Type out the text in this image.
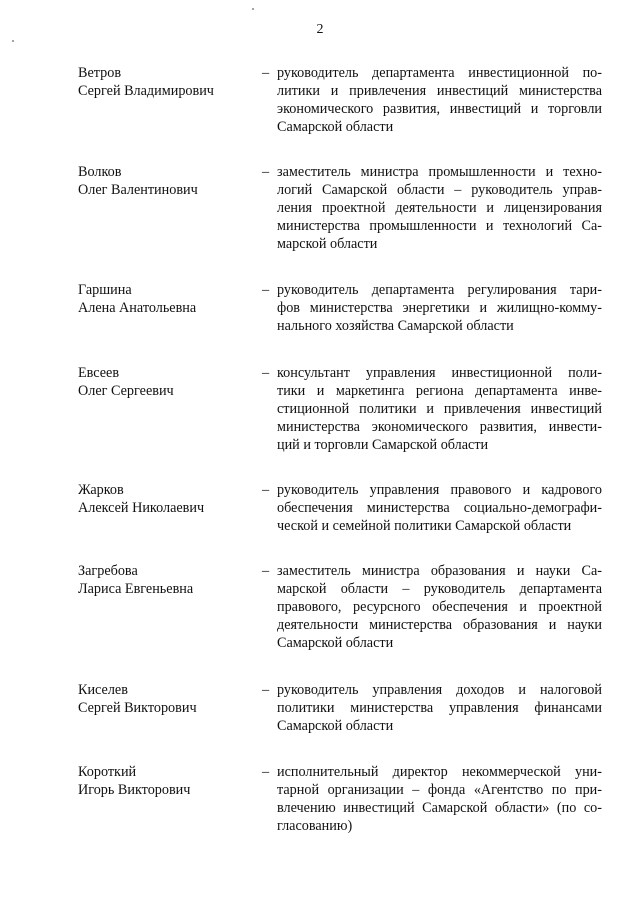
2
Ветров
Сергей Владимирович
– руководитель департамента инвестиционной по-
литики и привлечения инвестиций министерства
экономического развития, инвестиций и торговли
Самарской области
Волков
Олег Валентинович
– заместитель министра промышленности и техно-
логий Самарской области – руководитель управ-
ления проектной деятельности и лицензирования
министерства промышленности и технологий Са-
марской области
Гаршина
Алена Анатольевна
– руководитель департамента регулирования тари-
фов министерства энергетики и жилищно-комму-
нального хозяйства Самарской области
Евсеев
Олег Сергеевич
– консультант управления инвестиционной поли-
тики и маркетинга региона департамента инве-
стиционной политики и привлечения инвестиций
министерства экономического развития, инвести-
ций и торговли Самарской области
Жарков
Алексей Николаевич
– руководитель управления правового и кадрового
обеспечения министерства социально-демографи-
ческой и семейной политики Самарской области
Загребова
Лариса Евгеньевна
– заместитель министра образования и науки Са-
марской области – руководитель департамента
правового, ресурсного обеспечения и проектной
деятельности министерства образования и науки
Самарской области
Киселев
Сергей Викторович
– руководитель управления доходов и налоговой
политики министерства управления финансами
Самарской области
Короткий
Игорь Викторович
– исполнительный директор некоммерческой уни-
тарной организации – фонда «Агентство по при-
влечению инвестиций Самарской области» (по со-
гласованию)
